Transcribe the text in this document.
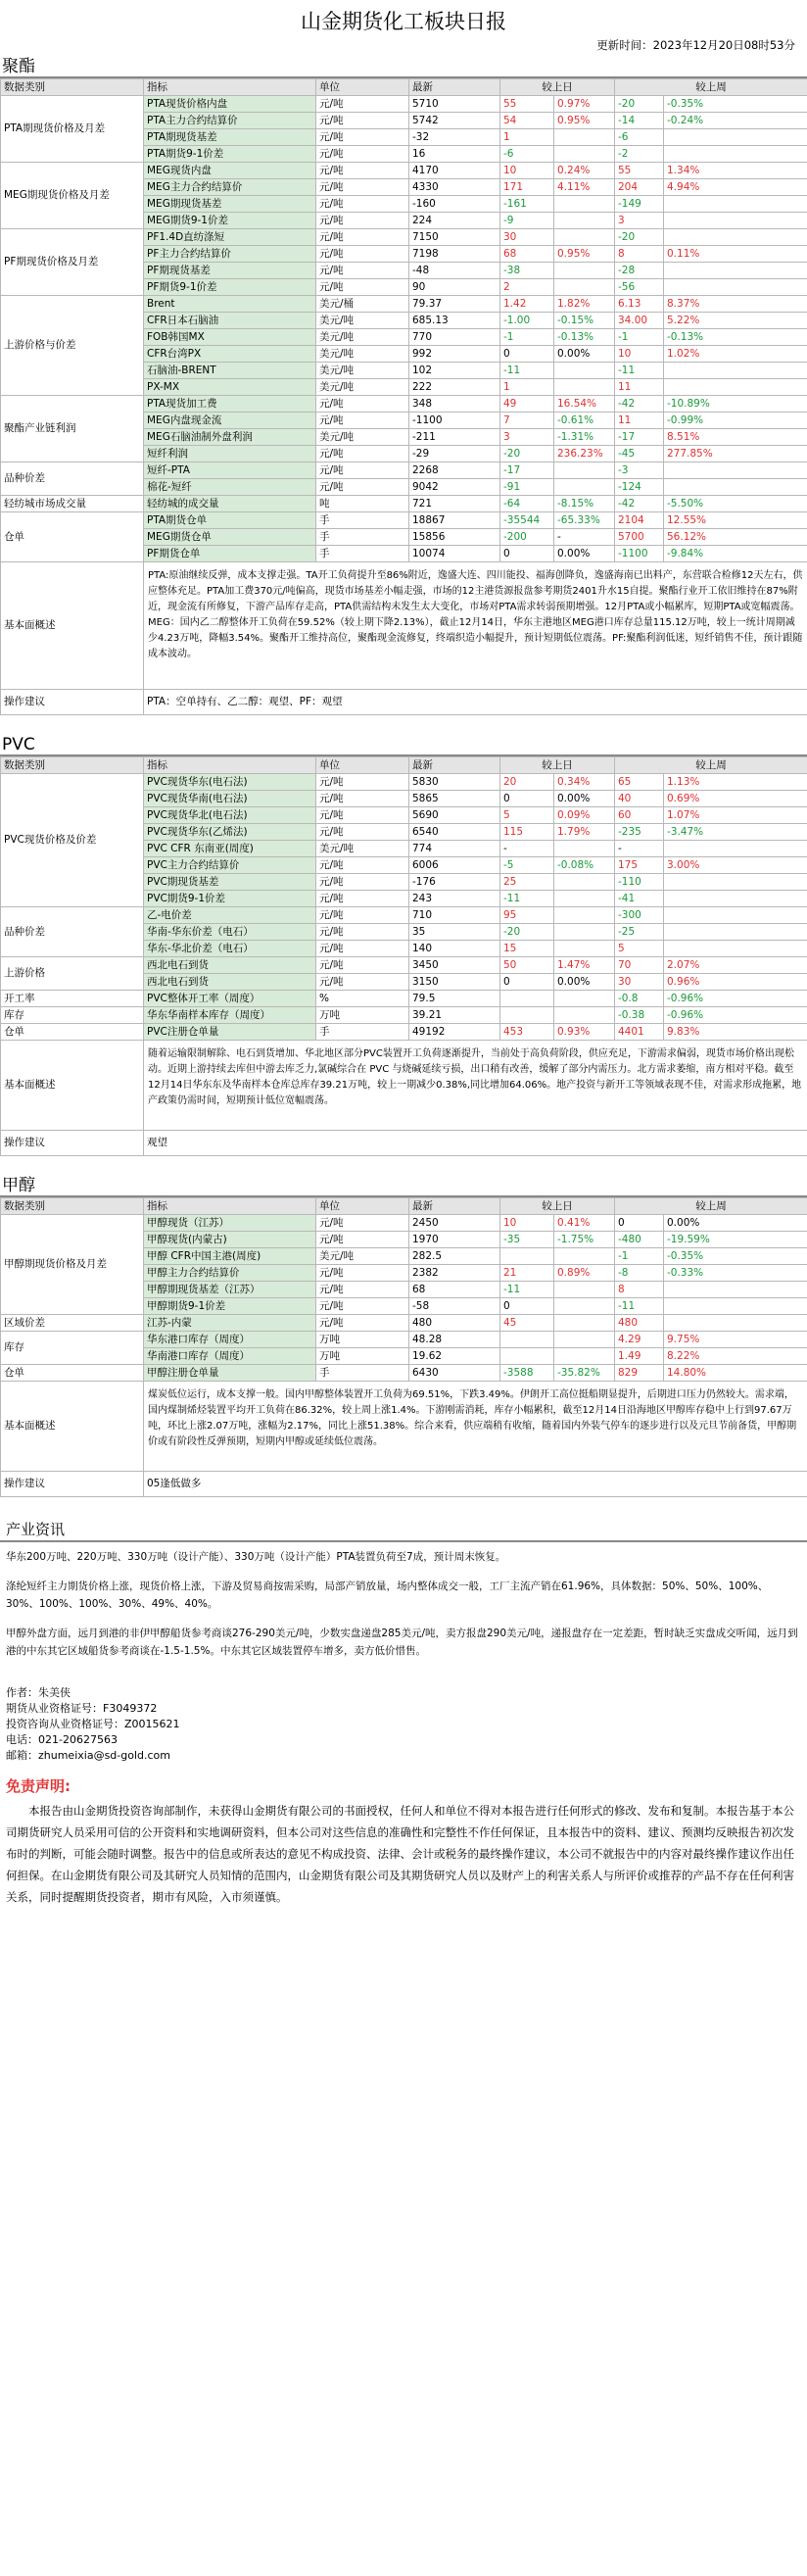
山金期货化工板块日报
更新时间：2023年12月20日08时53分
聚酯
数据类别	指标	单位	最新	较上日		较上周	
PTA期现货价格及月差	PTA现货价格内盘	元/吨	5710	55	0.97%	-20	-0.35%
	PTA主力合约结算价	元/吨	5742	54	0.95%	-14	-0.24%
	PTA期现货基差	元/吨	-32	1		-6	
	PTA期货9-1价差	元/吨	16	-6		-2	
MEG期现货价格及月差	MEG现货内盘	元/吨	4170	10	0.24%	55	1.34%
	MEG主力合约结算价	元/吨	4330	171	4.11%	204	4.94%
	MEG期现货基差	元/吨	-160	-161		-149	
	MEG期货9-1价差	元/吨	224	-9		3	
PF期现货价格及月差	PF1.4D直纺涤短	元/吨	7150	30		-20	
	PF主力合约结算价	元/吨	7198	68	0.95%	8	0.11%
	PF期现货基差	元/吨	-48	-38		-28	
	PF期货9-1价差	元/吨	90	2		-56	
上游价格与价差	Brent	美元/桶	79.37	1.42	1.82%	6.13	8.37%
	CFR日本石脑油	美元/吨	685.13	-1.00	-0.15%	34.00	5.22%
	FOB韩国MX	美元/吨	770	-1	-0.13%	-1	-0.13%
	CFR台湾PX	美元/吨	992	0	0.00%	10	1.02%
	石脑油-BRENT	美元/吨	102	-11		-11	
	PX-MX	美元/吨	222	1		11	
聚酯产业链利润	PTA现货加工费	元/吨	348	49	16.54%	-42	-10.89%
	MEG内盘现金流	元/吨	-1100	7	-0.61%	11	-0.99%
	MEG石脑油制外盘利润	美元/吨	-211	3	-1.31%	-17	8.51%
	短纤利润	元/吨	-29	-20	236.23%	-45	277.85%
品种价差	短纤-PTA	元/吨	2268	-17		-3	
	棉花-短纤	元/吨	9042	-91		-124	
轻纺城市场成交量	轻纺城的成交量	吨	721	-64	-8.15%	-42	-5.50%
仓单	PTA期货仓单	手	18867	-35544	-65.33%	2104	12.55%
	MEG期货仓单	手	15856	-200	-	5700	56.12%
	PF期货仓单	手	10074	0	0.00%	-1100	-9.84%
基本面概述	PTA:原油继续反弹，成本支撑走强。TA开工负荷提升至86%附近，逸盛大连、四川能投、福海创降负，逸盛海南已出料产，东营联合检修12天左右，供应整体充足。PTA加工费370元/吨偏高，现货市场基差小幅走强，市场的12主港货源报盘参考期货2401升水15自提。聚酯行业开工依旧维持在87%附近，现金流有所修复，下游产品库存走高，PTA供需结构未发生太大变化，市场对PTA需求转弱预期增强。12月PTA或小幅累库，短期PTA或宽幅震荡。MEG：国内乙二醇整体开工负荷在59.52%（较上期下降2.13%），截止12月14日，华东主港地区MEG港口库存总量115.12万吨，较上一统计周期减少4.23万吨，降幅3.54%。聚酯开工维持高位，聚酯现金流修复，终端织造小幅提升，预计短期低位震荡。PF:聚酯利润低迷，短纤销售不佳，预计跟随成本波动。						
操作建议	PTA：空单持有、乙二醇：观望、PF：观望						
PVC
数据类别	指标	单位	最新	较上日		较上周	
PVC现货价格及价差	PVC现货华东(电石法)	元/吨	5830	20	0.34%	65	1.13%
	PVC现货华南(电石法)	元/吨	5865	0	0.00%	40	0.69%
	PVC现货华北(电石法)	元/吨	5690	5	0.09%	60	1.07%
	PVC现货华东(乙烯法)	元/吨	6540	115	1.79%	-235	-3.47%
	PVC CFR 东南亚(周度)	美元/吨	774	-		-	
	PVC主力合约结算价	元/吨	6006	-5	-0.08%	175	3.00%
	PVC期现货基差	元/吨	-176	25		-110	
	PVC期货9-1价差	元/吨	243	-11		-41	
品种价差	乙-电价差	元/吨	710	95		-300	
	华南-华东价差（电石）	元/吨	35	-20		-25	
	华东-华北价差（电石）	元/吨	140	15		5	
上游价格	西北电石到货	元/吨	3450	50	1.47%	70	2.07%
	西北电石到货	元/吨	3150	0	0.00%	30	0.96%
开工率	PVC整体开工率（周度）	%	79.5			-0.8	-0.96%
库存	华东华南样本库存（周度）	万吨	39.21			-0.38	-0.96%
仓单	PVC注册仓单量	手	49192	453	0.93%	4401	9.83%
基本面概述	随着运输限制解除、电石到货增加、华北地区部分PVC装置开工负荷逐渐提升，当前处于高负荷阶段，供应充足，下游需求偏弱，现货市场价格出现松动。近期上游持续去库但中游去库乏力,氯碱综合在 PVC 与烧碱延续亏损，出口稍有改善，缓解了部分内需压力。北方需求萎缩，南方相对平稳。截至12月14日华东东及华南样本仓库总库存39.21万吨，较上一期减少0.38%,同比增加64.06%。地产投资与新开工等领域表现不佳，对需求形成拖累，地产政策仍需时间，短期预计低位宽幅震荡。						
操作建议	观望						
甲醇
数据类别	指标	单位	最新	较上日		较上周	
甲醇期现货价格及月差	甲醇现货（江苏）	元/吨	2450	10	0.41%	0	0.00%
	甲醇现货(内蒙古)	元/吨	1970	-35	-1.75%	-480	-19.59%
	甲醇 CFR中国主港(周度)	美元/吨	282.5			-1	-0.35%
	甲醇主力合约结算价	元/吨	2382	21	0.89%	-8	-0.33%
	甲醇期现货基差（江苏）	元/吨	68	-11		8	
	甲醇期货9-1价差	元/吨	-58	0		-11	
区域价差	江苏-内蒙	元/吨	480	45		480	
库存	华东港口库存（周度）	万吨	48.28			4.29	9.75%
	华南港口库存（周度）	万吨	19.62			1.49	8.22%
仓单	甲醇注册仓单量	手	6430	-3588	-35.82%	829	14.80%
基本面概述	煤炭低位运行，成本支撑一般。国内甲醇整体装置开工负荷为69.51%，下跌3.49%。伊朗开工高位挺船期显提升，后期进口压力仍然较大。需求端，国内煤制烯烃装置平均开工负荷在86.32%，较上周上涨1.4%。下游刚需消耗，库存小幅累积，截至12月14日沿海地区甲醇库存稳中上行到97.67万吨，环比上涨2.07万吨，涨幅为2.17%，同比上涨51.38%。综合来看，供应端稍有收缩，随着国内外装气停车的逐步进行以及元旦节前备货，甲醇期价或有阶段性反弹预期，短期内甲醇或延续低位震荡。						
操作建议	05逢低做多						
产业资讯

华东200万吨、220万吨、330万吨（设计产能）、330万吨（设计产能）PTA装置负荷至7成，预计周末恢复。

涤纶短纤主力期货价格上涨，现货价格上涨，下游及贸易商按需采购，局部产销放量，场内整体成交一般，工厂主流产销在61.96%，具体数据：50%、50%、100%、30%、100%、100%、30%、49%、40%。

甲醇外盘方面，远月到港的非伊甲醇船货参考商谈276-290美元/吨，少数实盘递盘285美元/吨，卖方报盘290美元/吨，递报盘存在一定差距，暂时缺乏实盘成交听闻，远月到港的中东其它区域船货参考商谈在-1.5-1.5%。中东其它区域装置停车增多，卖方低价惜售。

作者：朱美侠
期货从业资格证号：F3049372
投资咨询从业资格证号：Z0015621
电话：021-20627563
邮箱：zhumeixia@sd-gold.com
免责声明:
本报告由山金期货投资咨询部制作，未获得山金期货有限公司的书面授权，任何人和单位不得对本报告进行任何形式的修改、发布和复制。本报告基于本公司期货研究人员采用可信的公开资料和实地调研资料，但本公司对这些信息的准确性和完整性不作任何保证，且本报告中的资料、建议、预测均反映报告初次发布时的判断，可能会随时调整。报告中的信息或所表达的意见不构成投资、法律、会计或税务的最终操作建议，本公司不就报告中的内容对最终操作建议作出任何担保。在山金期货有限公司及其研究人员知情的范围内，山金期货有限公司及其期货研究人员以及财产上的利害关系人与所评价或推荐的产品不存在任何利害关系，同时提醒期货投资者，期市有风险，入市须谨慎。
